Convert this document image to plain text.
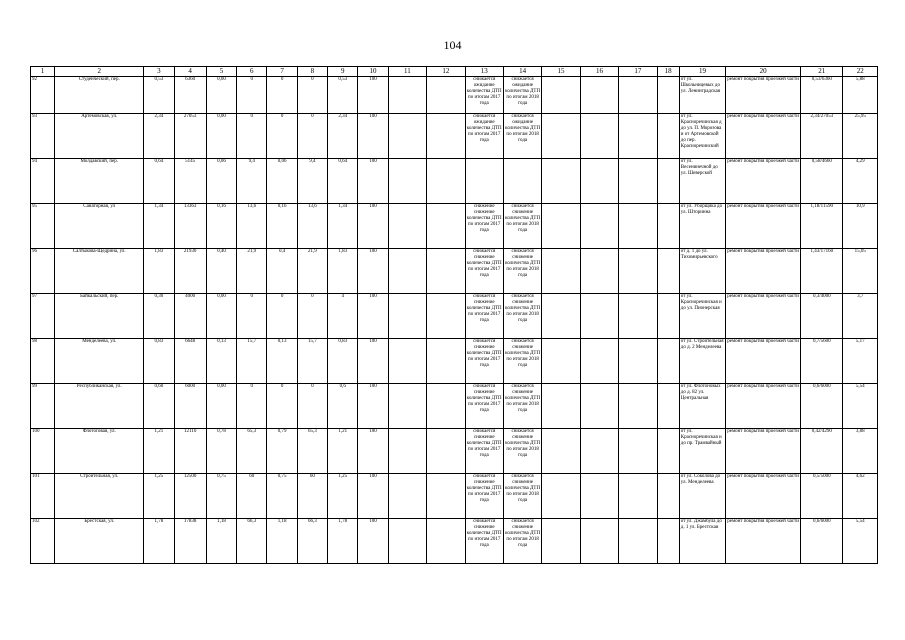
104
1	2	3	4	5	6	7	8	9	10	11	12	13	14	15	16	17	18	19	20	21	22
92	Студенческий, пер.	0,53	6360	0,00	0	0	0	0,53	100			снижается ожидание количества ДТП по итогам 2017 года	снижается ожидание количества ДТП по итогам 2018 года					от ул. Школьницевых до ул. Ленинградская	ремонт покрытия проезжей части	0,53/6360	5,88
93	Артемовская, ул.	2,34	27053	0,00	0	0	0	2,34	100			снижается ожидание количества ДТП по итогам 2017 года	снижается ожидание количества ДТП по итогам 2018 года					от ул. Красноречинская д до ул. П. Морозова и от Артемовской до пер. Красноречинский	ремонт покрытия проезжей части	2,34/27053	25,95
94	Молдавский, пер.	0,64	5145	0,06	9,4	0,06	9,4	0,64	100									от ул. Весенинечной до ул. Шеверской	ремонт покрытия проезжей части	0,58/4660	4,29
95	Санаторная, ул	1,34	13363	0,16	13,6	0,16	13,6	1,34	100			снижение снижение количества ДТП по итогам 2017 года	снижается снижение количества ДТП по итогам 2018 года					от ул. Уборщика до ул. Шторинна	ремонт покрытия проезжей части	1,18/11590	10,9
96	Салтыкова-Щедрина, ул.	1,83	21930	0,40	21,9	0,4	21,9	1,83	100			снижается снижение количества ДТП по итогам 2017 года	снижается снижение количества ДТП по итогам 2018 года					от д. 1 до ул. Тихомирьевского	ремонт покрытия проезжей части	1,43/17160	15,05
97	Байкальский, пер.	0,30	4000	0,00	0	0	0	4	100			снижается снижение количества ДТП по итогам 2017 года	снижается снижение количества ДТП по итогам 2018 года					от ул. Красноречинская и до ул. Пионерская	ремонт покрытия проезжей части	0,3/4000	3,7
98	Менделеева, ул.	0,83	6648	0,13	15,7	0,13	15,7	0,83	100			снижается снижение количества ДТП по итогам 2017 года	снижается снижение количества ДТП по итогам 2018 года					от ул. Строительная до д. 2 Менделеева	ремонт покрытия проезжей части	0,7/5600	5,17
99	Республиканская, ул.	0,60	6000	0,00	0	0	0	0,6	100			снижается снижение количества ДТП по итогам 2017 года	снижается снижение количества ДТП по итогам 2018 года					от ул. Флотоновых до д. 82 ул. Центральная	ремонт покрытия проезжей части	0,6/6000	5,54
100	Флотоговая, ул.	1,21	12110	0,78	65,3	0,79	65,3	1,21	100			снижается снижение количества ДТП по итогам 2017 года	снижается снижение количества ДТП по итогам 2018 года					от ул. Красноречинская и до пр. Трамвайный	ремонт покрытия проезжей части	0,42/4290	3,88
101	Строительная, ул.	1,25	12500	0,75	60	0,75	60	1,25	100			снижается снижение количества ДТП по итогам 2017 года	снижается снижение количества ДТП по итогам 2018 года					от ул. Соколова до ул. Менделеева	ремонт покрытия проезжей части	0,5/5000	4,62
102	Брестская, ул.	1,78	17838	1,18	66,3	1,18	66,3	1,78	100			снижается снижение количества ДТП по итогам 2017 года	снижается снижение количества ДТП по итогам 2018 года					от ул. Джамбула до д. 1 ул. Брестская	ремонт покрытия проезжей части	0,6/6000	5,54
